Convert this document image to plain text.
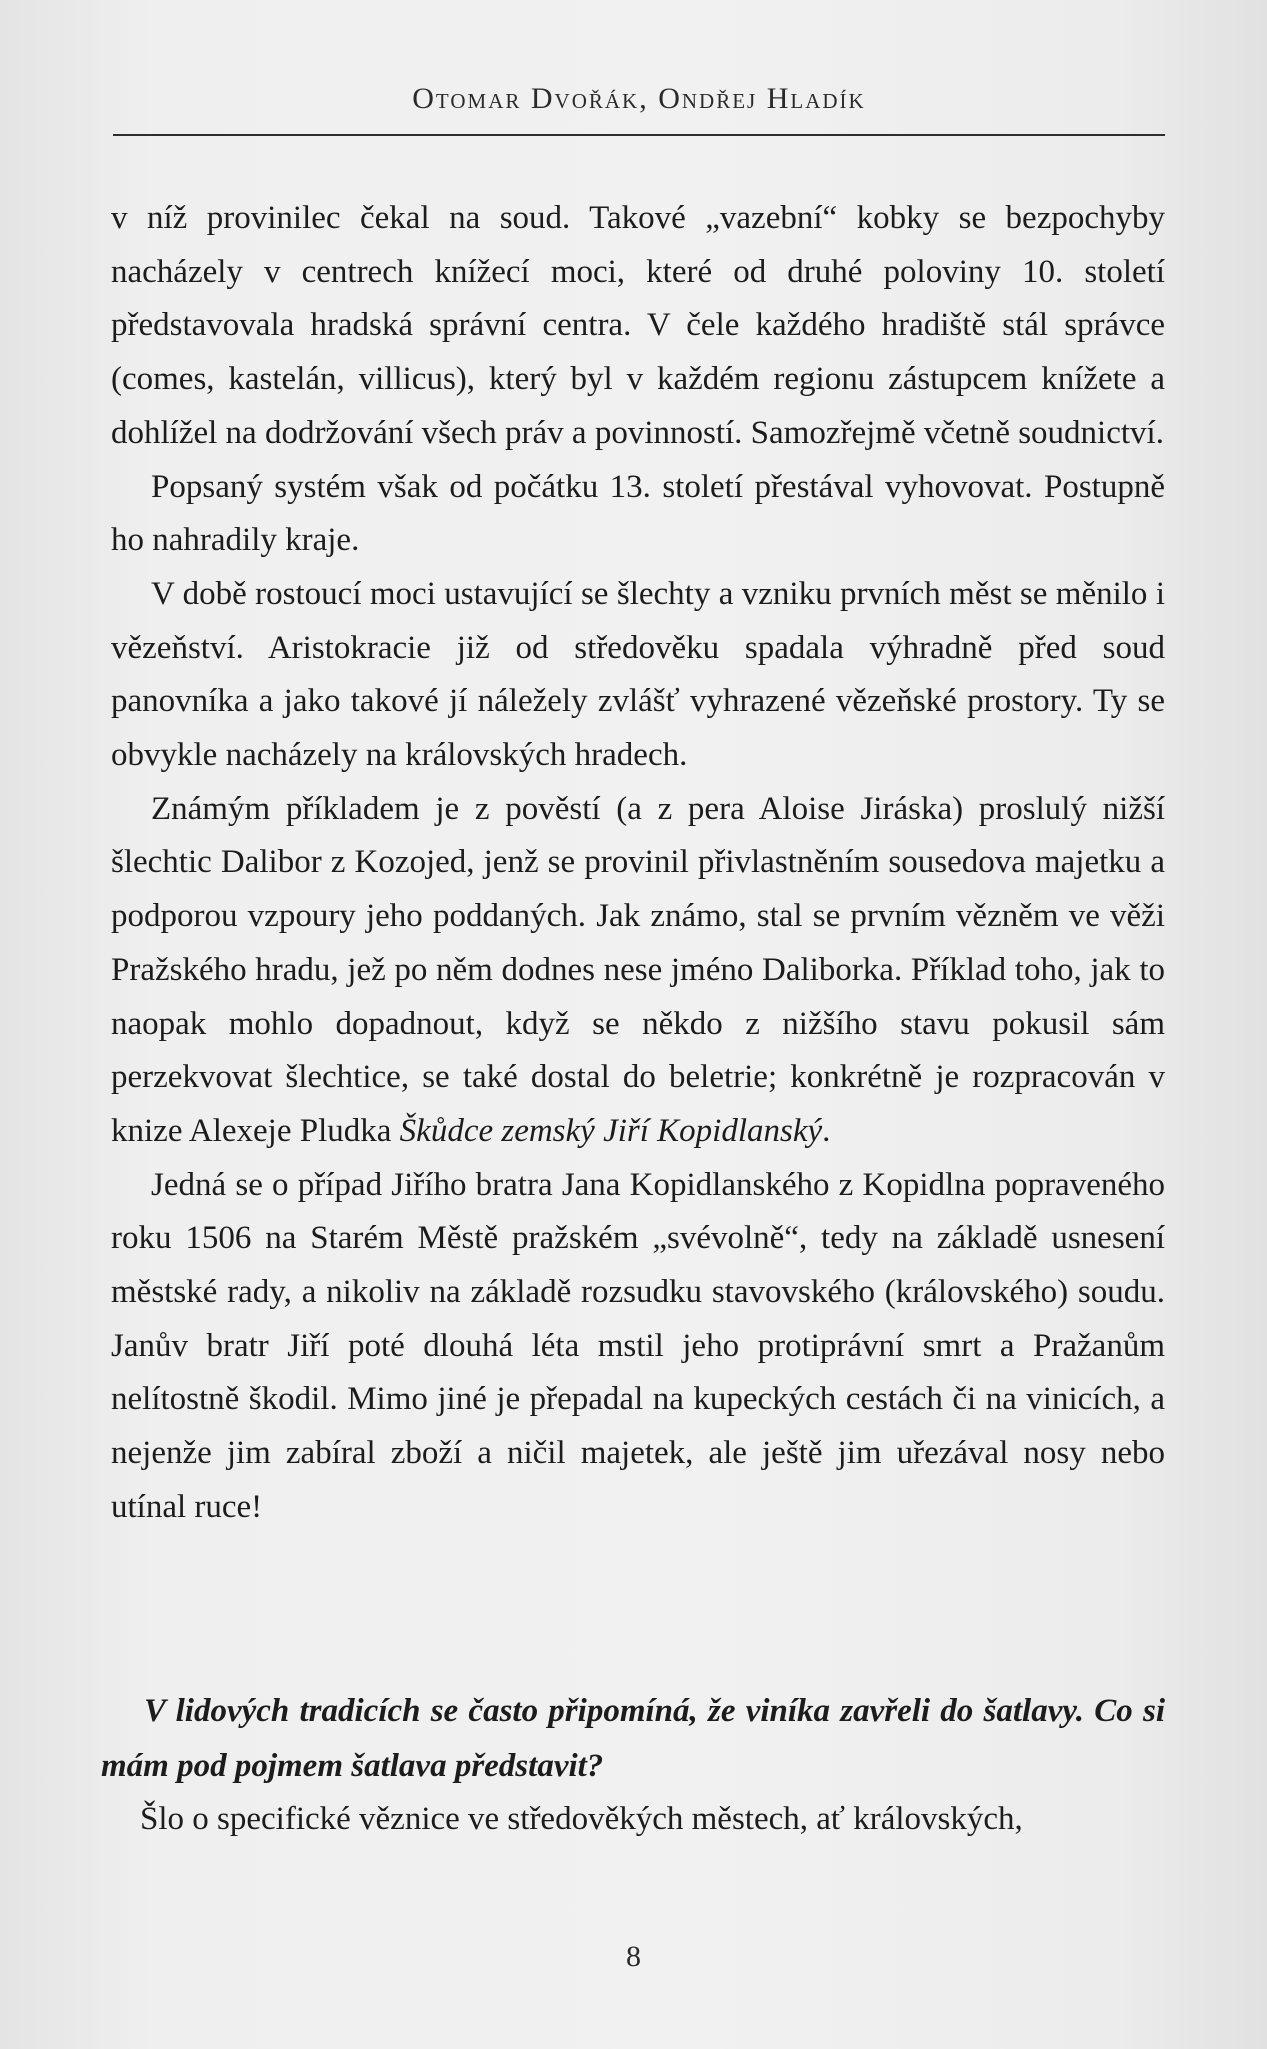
Otomar Dvořák, Ondřej Hladík

v níž provinilec čekal na soud. Takové „vazební“ kobky se bezpochyby nacházely v centrech knížecí moci, které od druhé poloviny 10. století představovala hradská správní centra. V čele každého hradiště stál správce (comes, kastelán, villicus), který byl v každém regionu zástupcem knížete a dohlížel na dodržování všech práv a povinností. Samozřejmě včetně soudnictví.

Popsaný systém však od počátku 13. století přestával vyhovovat. Postupně ho nahradily kraje.

V době rostoucí moci ustavující se šlechty a vzniku prvních měst se měnilo i vězeňství. Aristokracie již od středověku spadala výhradně před soud panovníka a jako takové jí náležely zvlášť vyhrazené vězeňské prostory. Ty se obvykle nacházely na královských hradech.

Známým příkladem je z pověstí (a z pera Aloise Jiráska) proslulý nižší šlechtic Dalibor z Kozojed, jenž se provinil přivlastněním sousedova majetku a podporou vzpoury jeho poddaných. Jak známo, stal se prvním vězněm ve věži Pražského hradu, jež po něm dodnes nese jméno Daliborka. Příklad toho, jak to naopak mohlo dopadnout, když se někdo z nižšího stavu pokusil sám perzekvovat šlechtice, se také dostal do beletrie; konkrétně je rozpracován v knize Alexeje Pludka Škůdce zemský Jiří Kopidlanský.

Jedná se o případ Jiřího bratra Jana Kopidlanského z Kopidlna popraveného roku 1506 na Starém Městě pražském „svévolně“, tedy na základě usnesení městské rady, a nikoliv na základě rozsudku stavovského (královského) soudu. Janův bratr Jiří poté dlouhá léta mstil jeho protiprávní smrt a Pražanům nelítostně škodil. Mimo jiné je přepadal na kupeckých cestách či na vinicích, a nejenže jim zabíral zboží a ničil majetek, ale ještě jim uřezával nosy nebo utínal ruce!

V lidových tradicích se často připomíná, že viníka zavřeli do šatlavy. Co si mám pod pojmem šatlava představit?

Šlo o specifické věznice ve středověkých městech, ať královských,

8
